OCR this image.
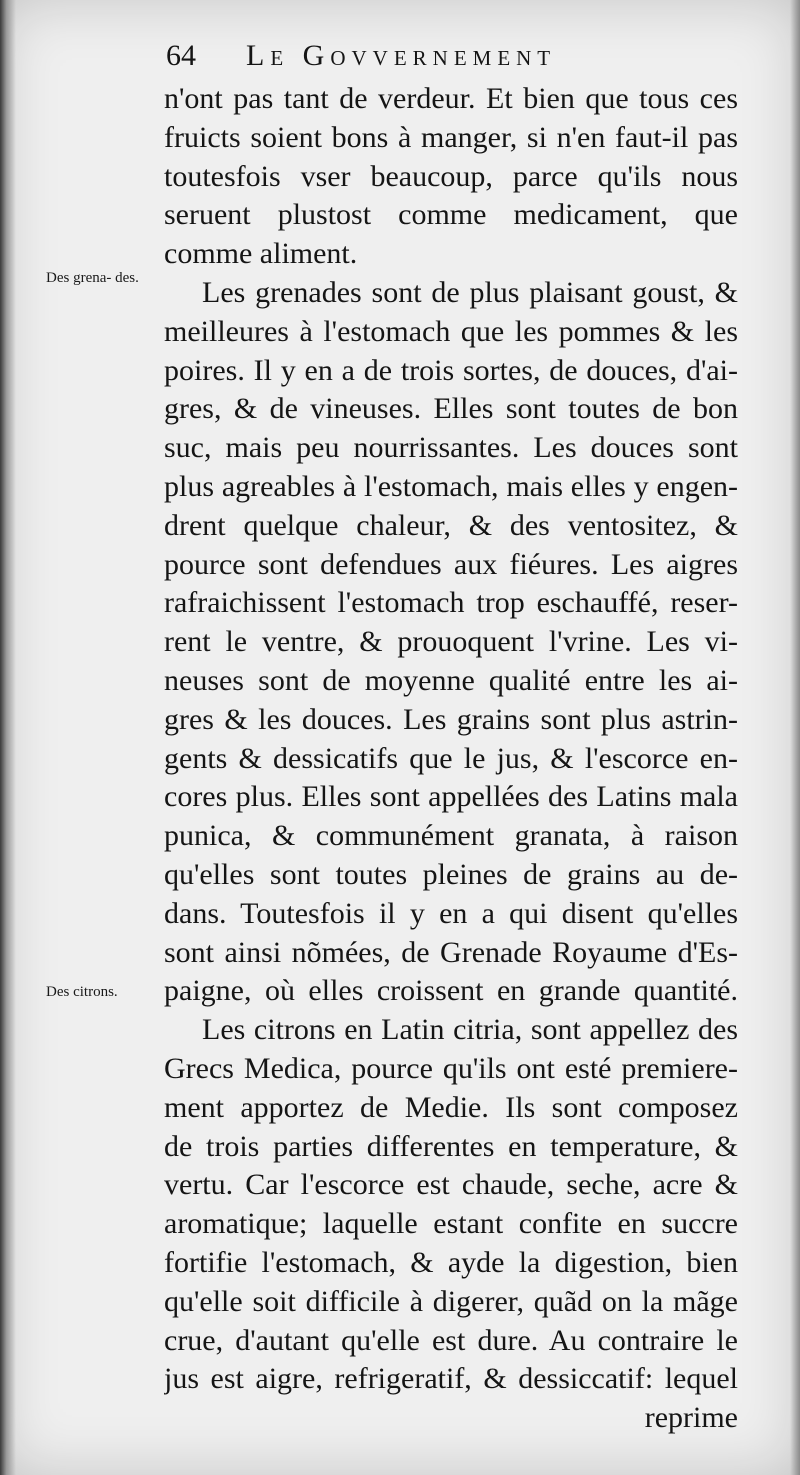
64 Le Govvernement
Des grena- des.
Des citrons.
n'ont pas tant de verdeur. Et bien que tous ces
fruicts soient bons à manger, si n'en faut-il pas
toutesfois vser beaucoup, parce qu'ils nous
seruent plustost comme medicament, que
comme aliment.
Les grenades sont de plus plaisant goust, &
meilleures à l'estomach que les pommes & les
poires. Il y en a de trois sortes, de douces, d'ai-
gres, & de vineuses. Elles sont toutes de bon
suc, mais peu nourrissantes. Les douces sont
plus agreables à l'estomach, mais elles y engen-
drent quelque chaleur, & des ventositez, &
pource sont defendues aux fiéures. Les aigres
rafraichissent l'estomach trop eschauffé, reser-
rent le ventre, & prouoquent l'vrine. Les vi-
neuses sont de moyenne qualité entre les ai-
gres & les douces. Les grains sont plus astrin-
gents & dessicatifs que le jus, & l'escorce en-
cores plus. Elles sont appellées des Latins mala
punica, & communément granata, à raison
qu'elles sont toutes pleines de grains au de-
dans. Toutesfois il y en a qui disent qu'elles
sont ainsi nõmées, de Grenade Royaume d'Es-
paigne, où elles croissent en grande quantité.
Les citrons en Latin citria, sont appellez des
Grecs Medica, pource qu'ils ont esté premiere-
ment apportez de Medie. Ils sont composez
de trois parties differentes en temperature, &
vertu. Car l'escorce est chaude, seche, acre &
aromatique; laquelle estant confite en succre
fortifie l'estomach, & ayde la digestion, bien
qu'elle soit difficile à digerer, quãd on la mãge
crue, d'autant qu'elle est dure. Au contraire le
jus est aigre, refrigeratif, & dessiccatif: lequel
reprime
